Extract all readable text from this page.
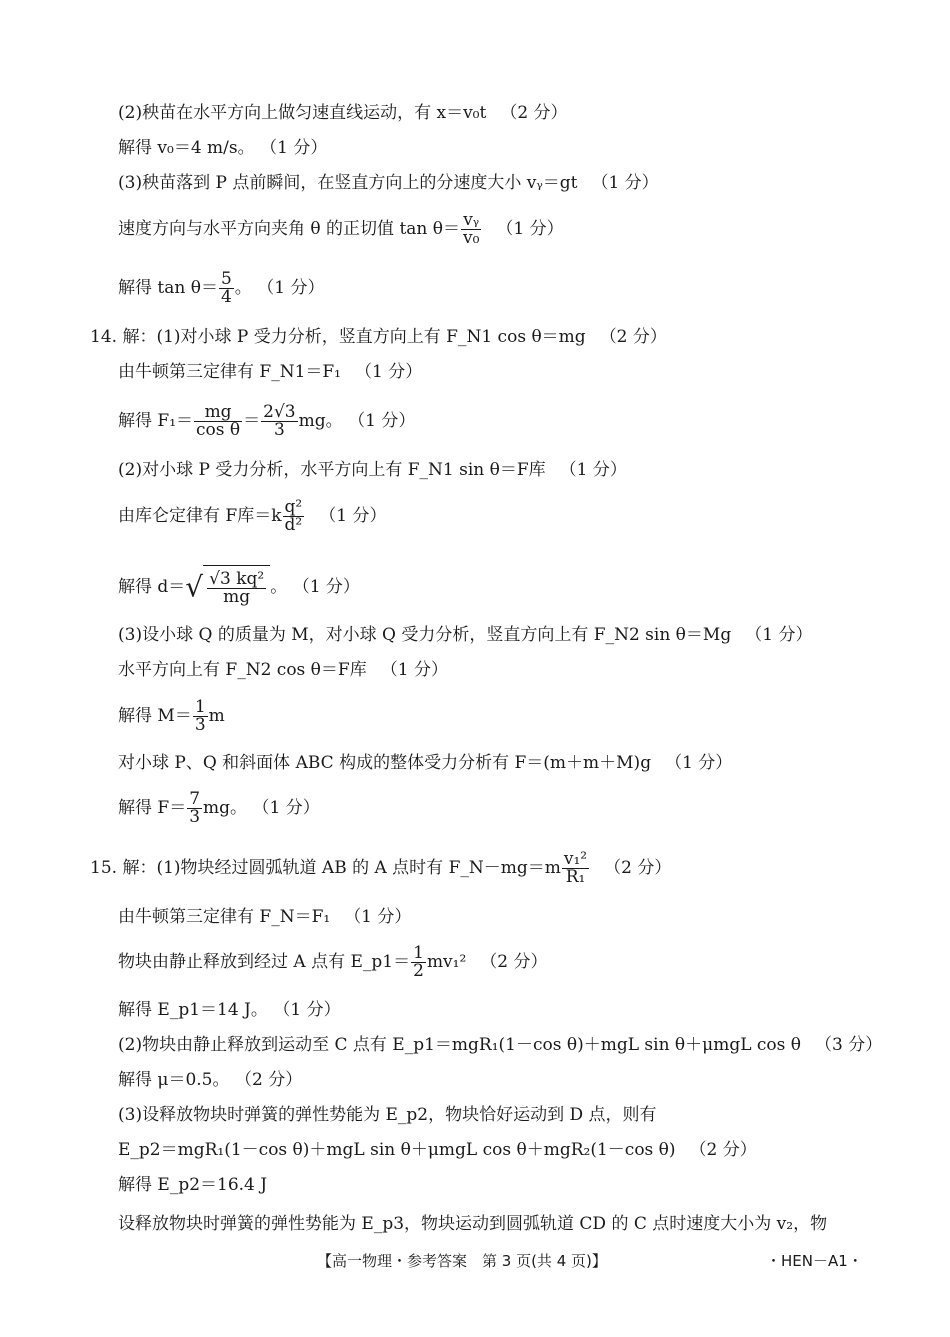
(2)秧苗在水平方向上做匀速直线运动，有 x＝v₀t （2 分）
解得 v₀＝4 m/s。 （1 分）
(3)秧苗落到 P 点前瞬间，在竖直方向上的分速度大小 vᵧ＝gt （1 分）
速度方向与水平方向夹角 θ 的正切值 $\tan \theta= \frac{\text{vᵧ}}{\text{v₀}} (1$ 分）
解得 $\tan \theta= \frac{5}{4}$ 。 （1 分）
14. 解：(1)对小球 P 受力分析，竖直方向上有 F_N1 cos θ＝mg （2 分）
由牛顿第三定律有 F_N1＝F₁ （1 分）
解得 $F_1= \frac{mg}{\text{cos θ}} = \frac{2√3}{3}$ mg。 （1 分）
(2)对小球 P 受力分析，水平方向上有 F_N1 sin θ＝F库 （1 分）
由库仑定律有 F库$=k \frac{\text{q²}}{\text{d²}} (1$ 分）
解得 $d=√ \frac{\text{√3 kq²}}{mg}$ 。 （1 分）
(3)设小球 Q 的质量为 M，对小球 Q 受力分析，竖直方向上有 F_N2 sin θ＝Mg （1 分）
水平方向上有 F_N2 cos θ＝F库 （1 分）
解得 $M= \frac{1}{3}$ m
对小球 P、Q 和斜面体 ABC 构成的整体受力分析有 F＝(m＋m＋M)g （1 分）
解得 $F= \frac{7}{3}$ mg。 （1 分）
15. 解：(1)物块经过圆弧轨道 AB 的 A 点时有 F_N－mg＝m $\frac{\text{v₁²}}{\text{R₁}} (2$ 分）
由牛顿第三定律有 F_N＝F₁ （1 分）
物块由静止释放到经过 A 点有 E_p1＝ $\frac{1}{2} mv_1^2$ （2 分）
解得 E_p1＝14 J。 （1 分）
(2)物块由静止释放到运动至 C 点有 E_p1＝mgR₁(1－cos θ)＋mgL sin θ＋μmgL cos θ （3 分）
解得 μ＝0.5。 （2 分）
(3)设释放物块时弹簧的弹性势能为 E_p2，物块恰好运动到 D 点，则有
E_p2＝mgR₁(1－cos θ)＋mgL sin θ＋μmgL cos θ＋mgR₂(1－cos θ) （2 分）
解得 E_p2＝16.4 J
设释放物块时弹簧的弹性势能为 E_p3，物块运动到圆弧轨道 CD 的 C 点时速度大小为 v₂，物
【高一物理・参考答案　第 3 页(共 4 页)】	・HEN－A1・
